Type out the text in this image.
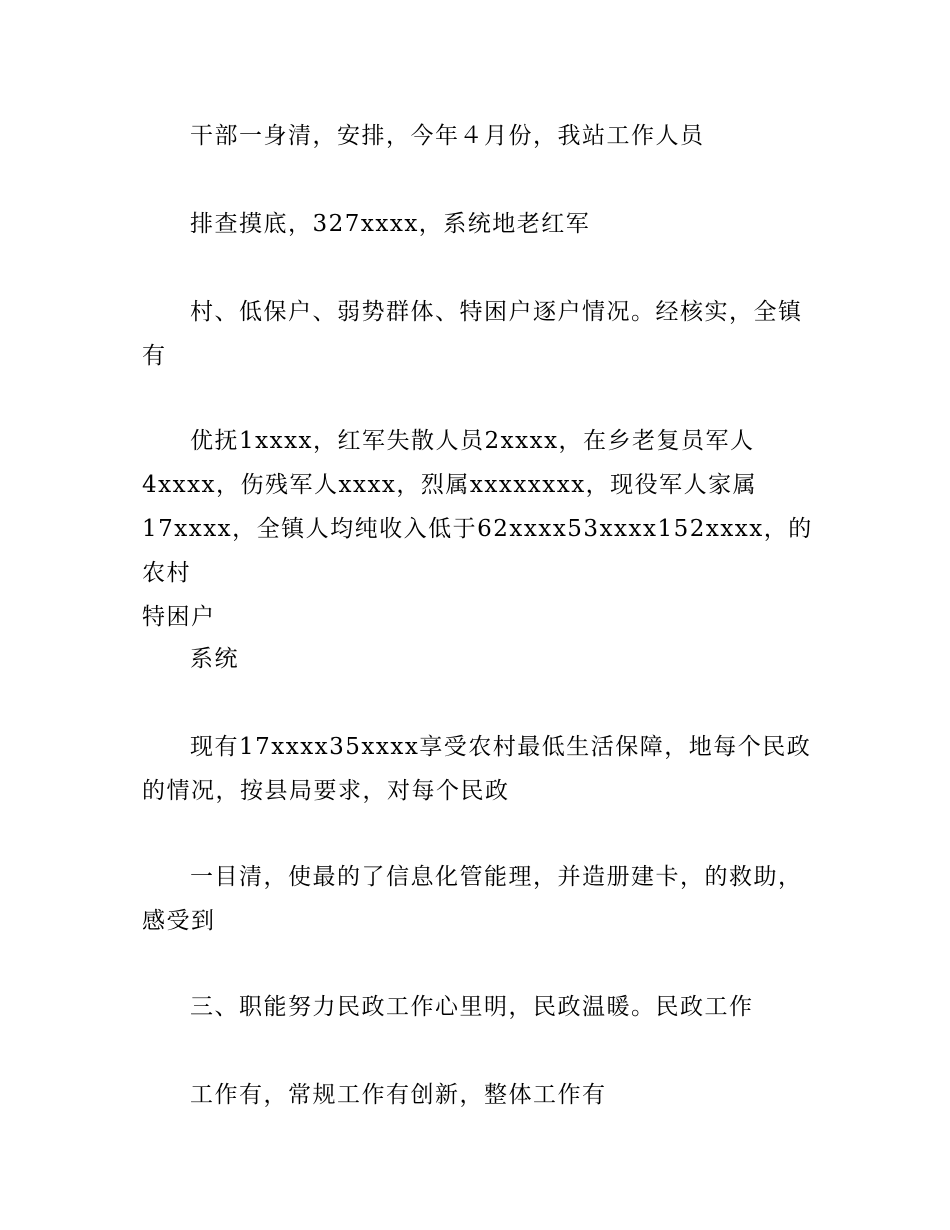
干部一身清，安排，今年４月份，我站工作人员

排查摸底，327xxxx，系统地老红军

村、低保户、弱势群体、特困户逐户情况。经核实，全镇
有

优抚1xxxx，红军失散人员2xxxx，在乡老复员军人
4xxxx，伤残军人xxxx，烈属xxxxxxxx，现役军人家属
17xxxx，全镇人均纯收入低于62xxxx53xxxx152xxxx，的农村
特困户

系统

现有17xxxx35xxxx享受农村最低生活保障，地每个民政
的情况，按县局要求，对每个民政

一目清，使最的了信息化管能理，并造册建卡，的救助，
感受到

三、职能努力民政工作心里明，民政温暖。民政工作

工作有，常规工作有创新，整体工作有
